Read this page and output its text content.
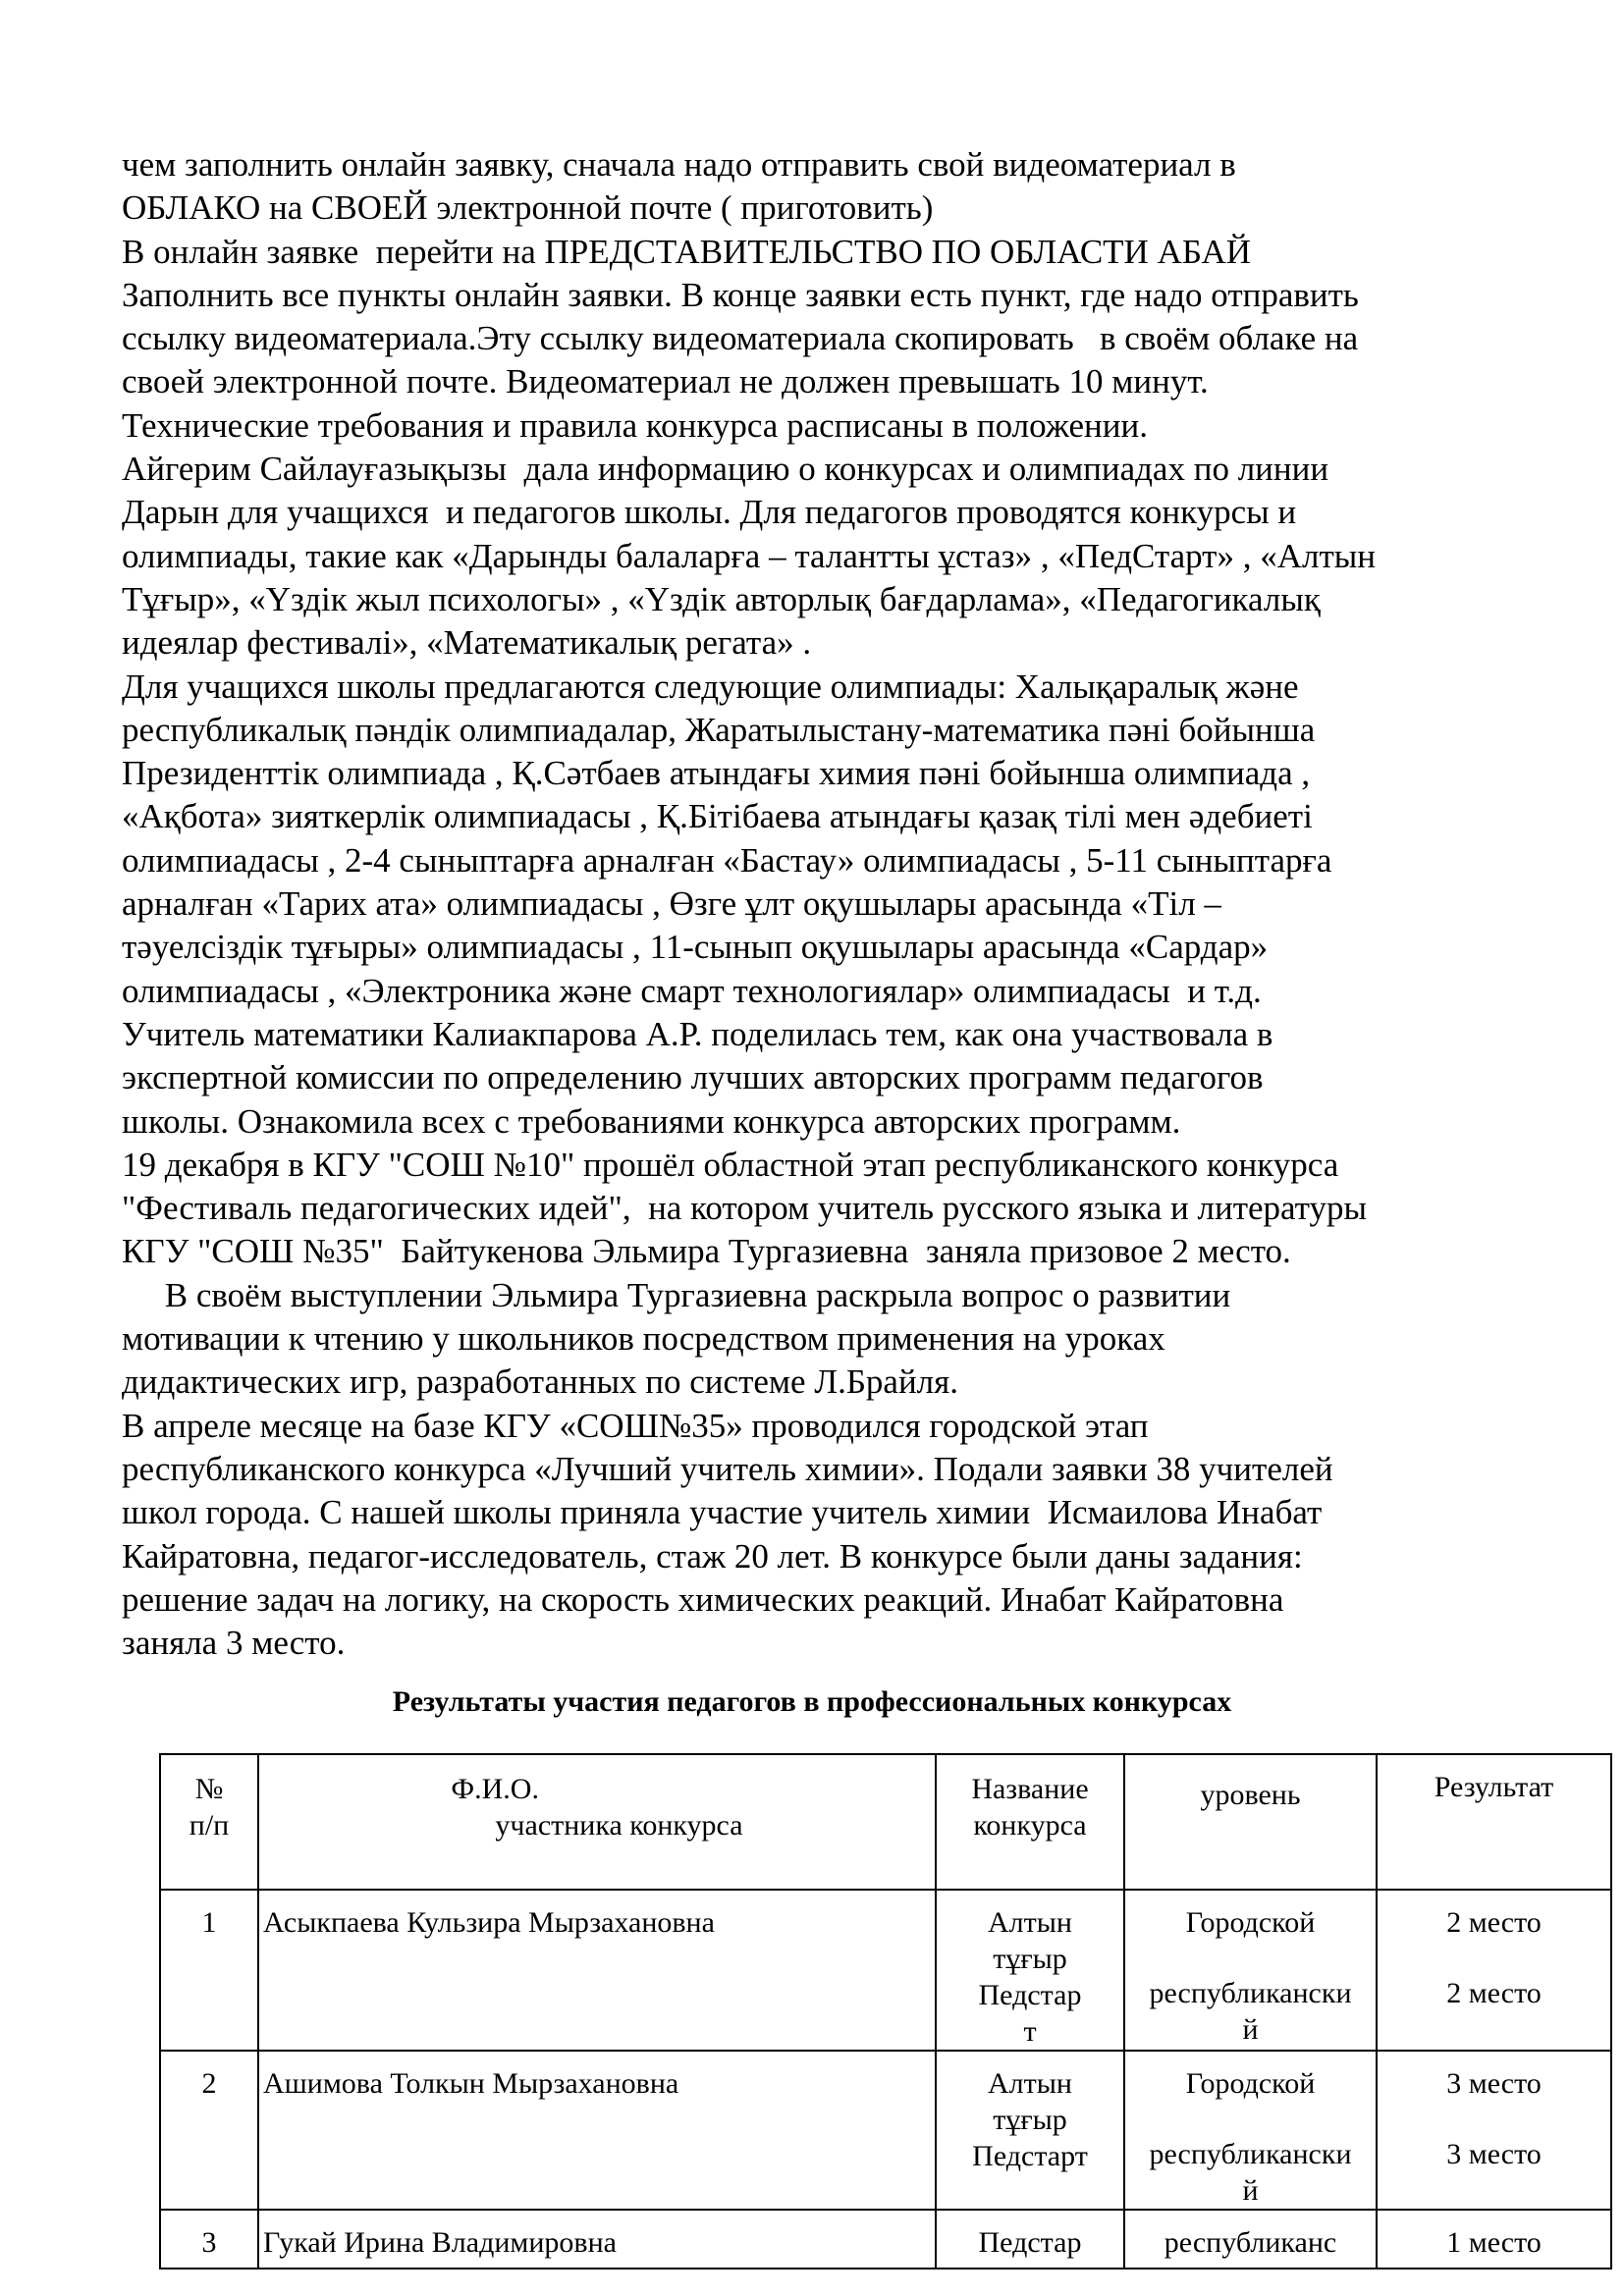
чем заполнить онлайн заявку, сначала надо отправить свой видеоматериал в
ОБЛАКО на СВОЕЙ электронной почте ( приготовить)
В онлайн заявке  перейти на ПРЕДСТАВИТЕЛЬСТВО ПО ОБЛАСТИ АБАЙ
Заполнить все пункты онлайн заявки. В конце заявки есть пункт, где надо отправить
ссылку видеоматериала.Эту ссылку видеоматериала скопировать   в своём облаке на
своей электронной почте. Видеоматериал не должен превышать 10 минут.
Технические требования и правила конкурса расписаны в положении.
Айгерим Сайлауғазықызы  дала информацию о конкурсах и олимпиадах по линии
Дарын для учащихся  и педагогов школы. Для педагогов проводятся конкурсы и
олимпиады, такие как «Дарынды балаларға – талантты ұстаз» , «ПедСтарт» , «Алтын
Тұғыр», «Үздік жыл психологы» , «Үздік авторлық бағдарлама», «Педагогикалық
идеялар фестивалі», «Математикалық регата» .
Для учащихся школы предлагаются следующие олимпиады: Халықаралық және
республикалық пәндік олимпиадалар, Жаратылыстану-математика пәні бойынша
Президенттік олимпиада , Қ.Сәтбаев атындағы химия пәні бойынша олимпиада ,
«Ақбота» зияткерлік олимпиадасы , Қ.Бітібаева атындағы қазақ тілі мен әдебиеті
олимпиадасы , 2-4 сыныптарға арналған «Бастау» олимпиадасы , 5-11 сыныптарға
арналған «Тарих ата» олимпиадасы , Өзге ұлт оқушылары арасында «Тіл –
тәуелсіздік тұғыры» олимпиадасы , 11-сынып оқушылары арасында «Сардар»
олимпиадасы , «Электроника және смарт технологиялар» олимпиадасы  и т.д.
Учитель математики Калиакпарова А.Р. поделилась тем, как она участвовала в
экспертной комиссии по определению лучших авторских программ педагогов
школы. Ознакомила всех с требованиями конкурса авторских программ.
19 декабря в КГУ "СОШ №10" прошёл областной этап республиканского конкурса
"Фестиваль педагогических идей",  на котором учитель русского языка и литературы
КГУ "СОШ №35"  Байтукенова Эльмира Тургазиевна  заняла призовое 2 место.
В своём выступлении Эльмира Тургазиевна раскрыла вопрос о развитии
мотивации к чтению у школьников посредством применения на уроках
дидактических игр, разработанных по системе Л.Брайля.
В апреле месяце на базе КГУ «СОШ№35» проводился городской этап
республиканского конкурса «Лучший учитель химии». Подали заявки 38 учителей
школ города. С нашей школы приняла участие учитель химии  Исмаилова Инабат
Кайратовна, педагог-исследователь, стаж 20 лет. В конкурсе были даны задания:
решение задач на логику, на скорость химических реакций. Инабат Кайратовна
заняла 3 место.
Результаты участия педагогов в профессиональных конкурсах
№
п/п	Ф.И.О.
участника конкурса	Название
конкурса	уровень	Результат

1	Асыкпаева Кульзира Мырзахановна	Алтын
тұғыр
Педстар
т	Городской
республикански
й	2 место
2 место

2	Ашимова Толкын Мырзахановна	Алтын
тұғыр
Педстарт	Городской
республикански
й	3 место
3 место

3	Гукай Ирина Владимировна	Педстар	республиканс	1 место
